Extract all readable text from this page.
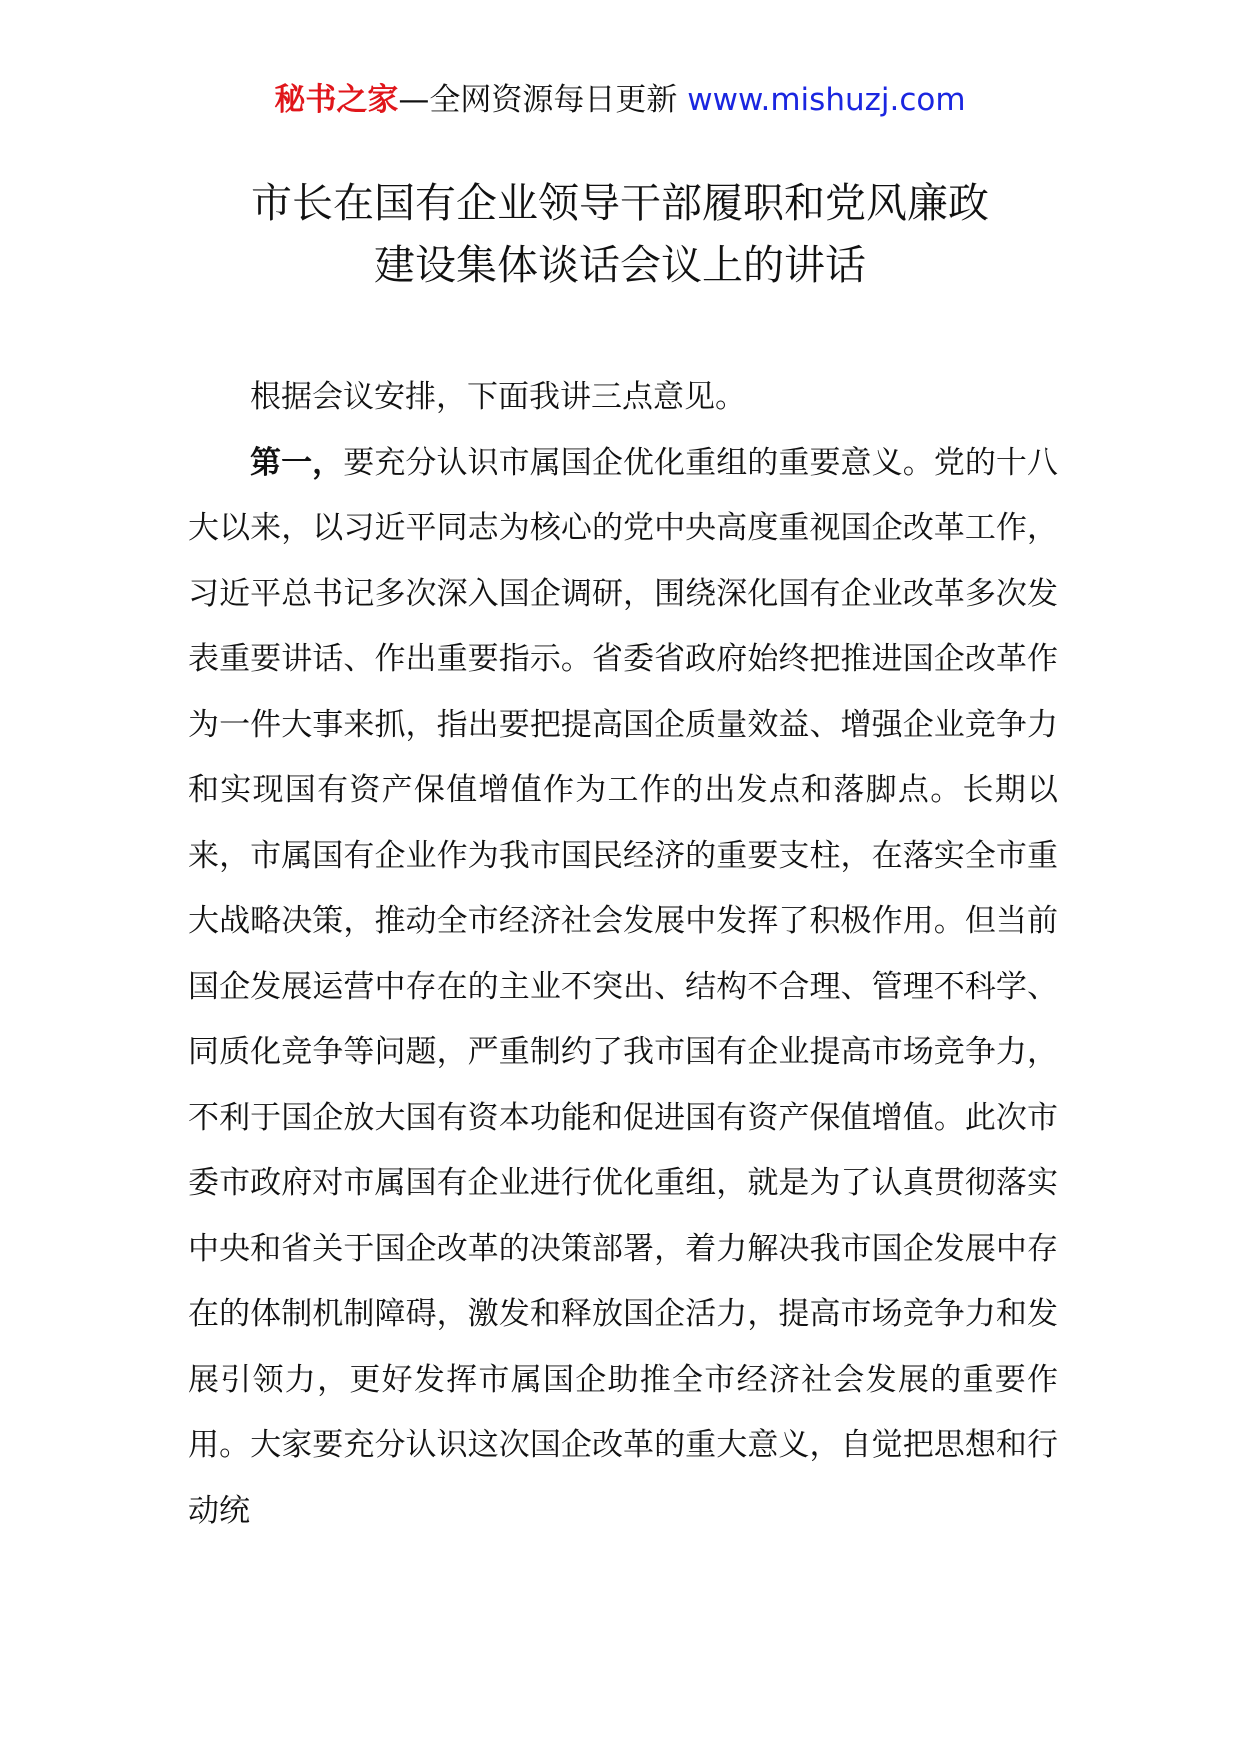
秘书之家—全网资源每日更新 www.mishuzj.com
市长在国有企业领导干部履职和党风廉政
建设集体谈话会议上的讲话

根据会议安排，下面我讲三点意见。

第一，要充分认识市属国企优化重组的重要意义。党的十八大以来，以习近平同志为核心的党中央高度重视国企改革工作，习近平总书记多次深入国企调研，围绕深化国有企业改革多次发表重要讲话、作出重要指示。省委省政府始终把推进国企改革作为一件大事来抓，指出要把提高国企质量效益、增强企业竞争力和实现国有资产保值增值作为工作的出发点和落脚点。长期以来，市属国有企业作为我市国民经济的重要支柱，在落实全市重大战略决策，推动全市经济社会发展中发挥了积极作用。但当前国企发展运营中存在的主业不突出、结构不合理、管理不科学、同质化竞争等问题，严重制约了我市国有企业提高市场竞争力，不利于国企放大国有资本功能和促进国有资产保值增值。此次市委市政府对市属国有企业进行优化重组，就是为了认真贯彻落实中央和省关于国企改革的决策部署，着力解决我市国企发展中存在的体制机制障碍，激发和释放国企活力，提高市场竞争力和发展引领力，更好发挥市属国企助推全市经济社会发展的重要作用。大家要充分认识这次国企改革的重大意义，自觉把思想和行动统
